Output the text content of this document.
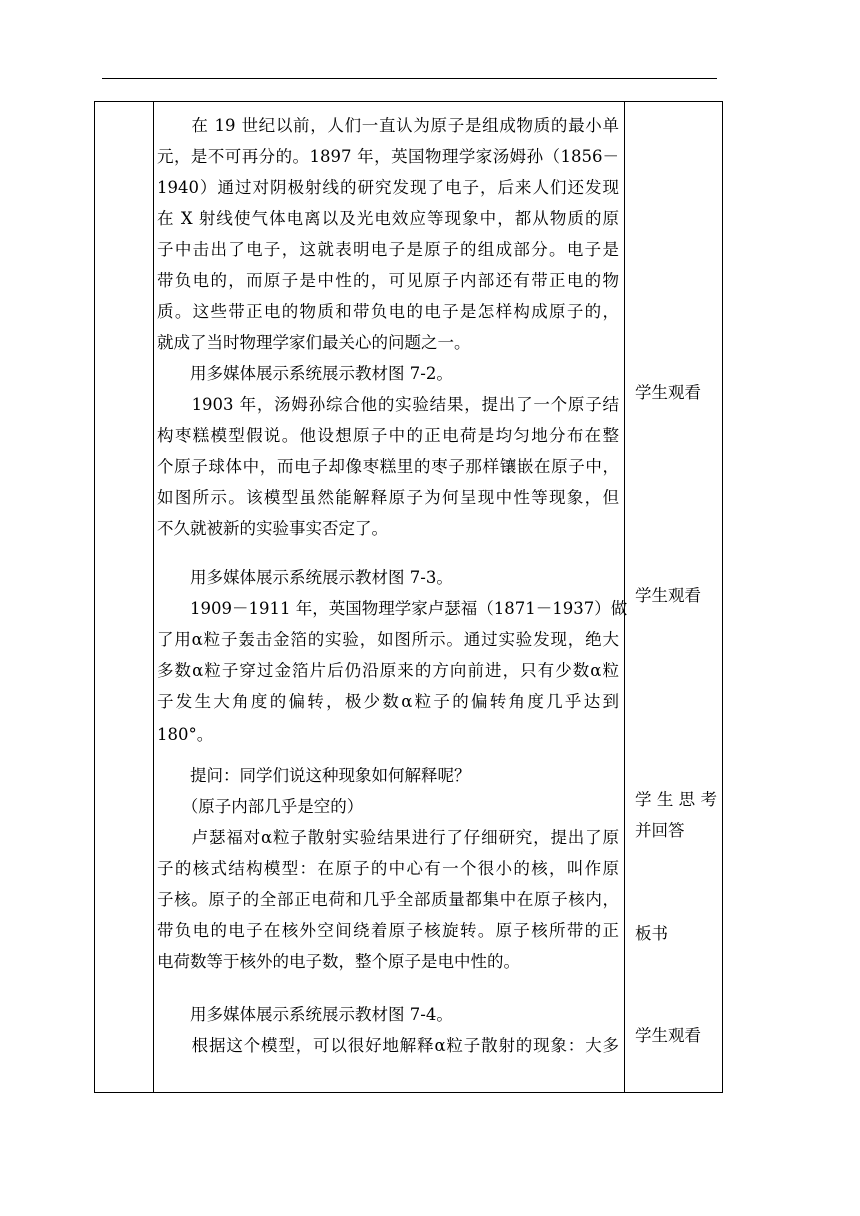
　　在 19 世纪以前，人们一直认为原子是组成物质的最小单
元，是不可再分的。1897 年，英国物理学家汤姆孙（1856－
1940）通过对阴极射线的研究发现了电子，后来人们还发现
在 X 射线使气体电离以及光电效应等现象中，都从物质的原
子中击出了电子，这就表明电子是原子的组成部分。电子是
带负电的，而原子是中性的，可见原子内部还有带正电的物
质。这些带正电的物质和带负电的电子是怎样构成原子的，
就成了当时物理学家们最关心的问题之一。
　　用多媒体展示系统展示教材图 7-2。
　　1903 年，汤姆孙综合他的实验结果，提出了一个原子结
构枣糕模型假说。他设想原子中的正电荷是均匀地分布在整
个原子球体中，而电子却像枣糕里的枣子那样镶嵌在原子中，
如图所示。该模型虽然能解释原子为何呈现中性等现象，但
不久就被新的实验事实否定了。
　　用多媒体展示系统展示教材图 7-3。
　　1909－1911 年，英国物理学家卢瑟福（1871－1937）做
了用α粒子轰击金箔的实验，如图所示。通过实验发现，绝大
多数α粒子穿过金箔片后仍沿原来的方向前进，只有少数α粒
子发生大角度的偏转，极少数α粒子的偏转角度几乎达到
180°。
　　提问：同学们说这种现象如何解释呢？
　　（原子内部几乎是空的）
　　卢瑟福对α粒子散射实验结果进行了仔细研究，提出了原
子的核式结构模型：在原子的中心有一个很小的核，叫作原
子核。原子的全部正电荷和几乎全部质量都集中在原子核内，
带负电的电子在核外空间绕着原子核旋转。原子核所带的正
电荷数等于核外的电子数，整个原子是电中性的。
　　用多媒体展示系统展示教材图 7-4。
　　根据这个模型，可以很好地解释α粒子散射的现象：大多
学生观看
学生观看
学 生 思 考
并回答
板书
学生观看
